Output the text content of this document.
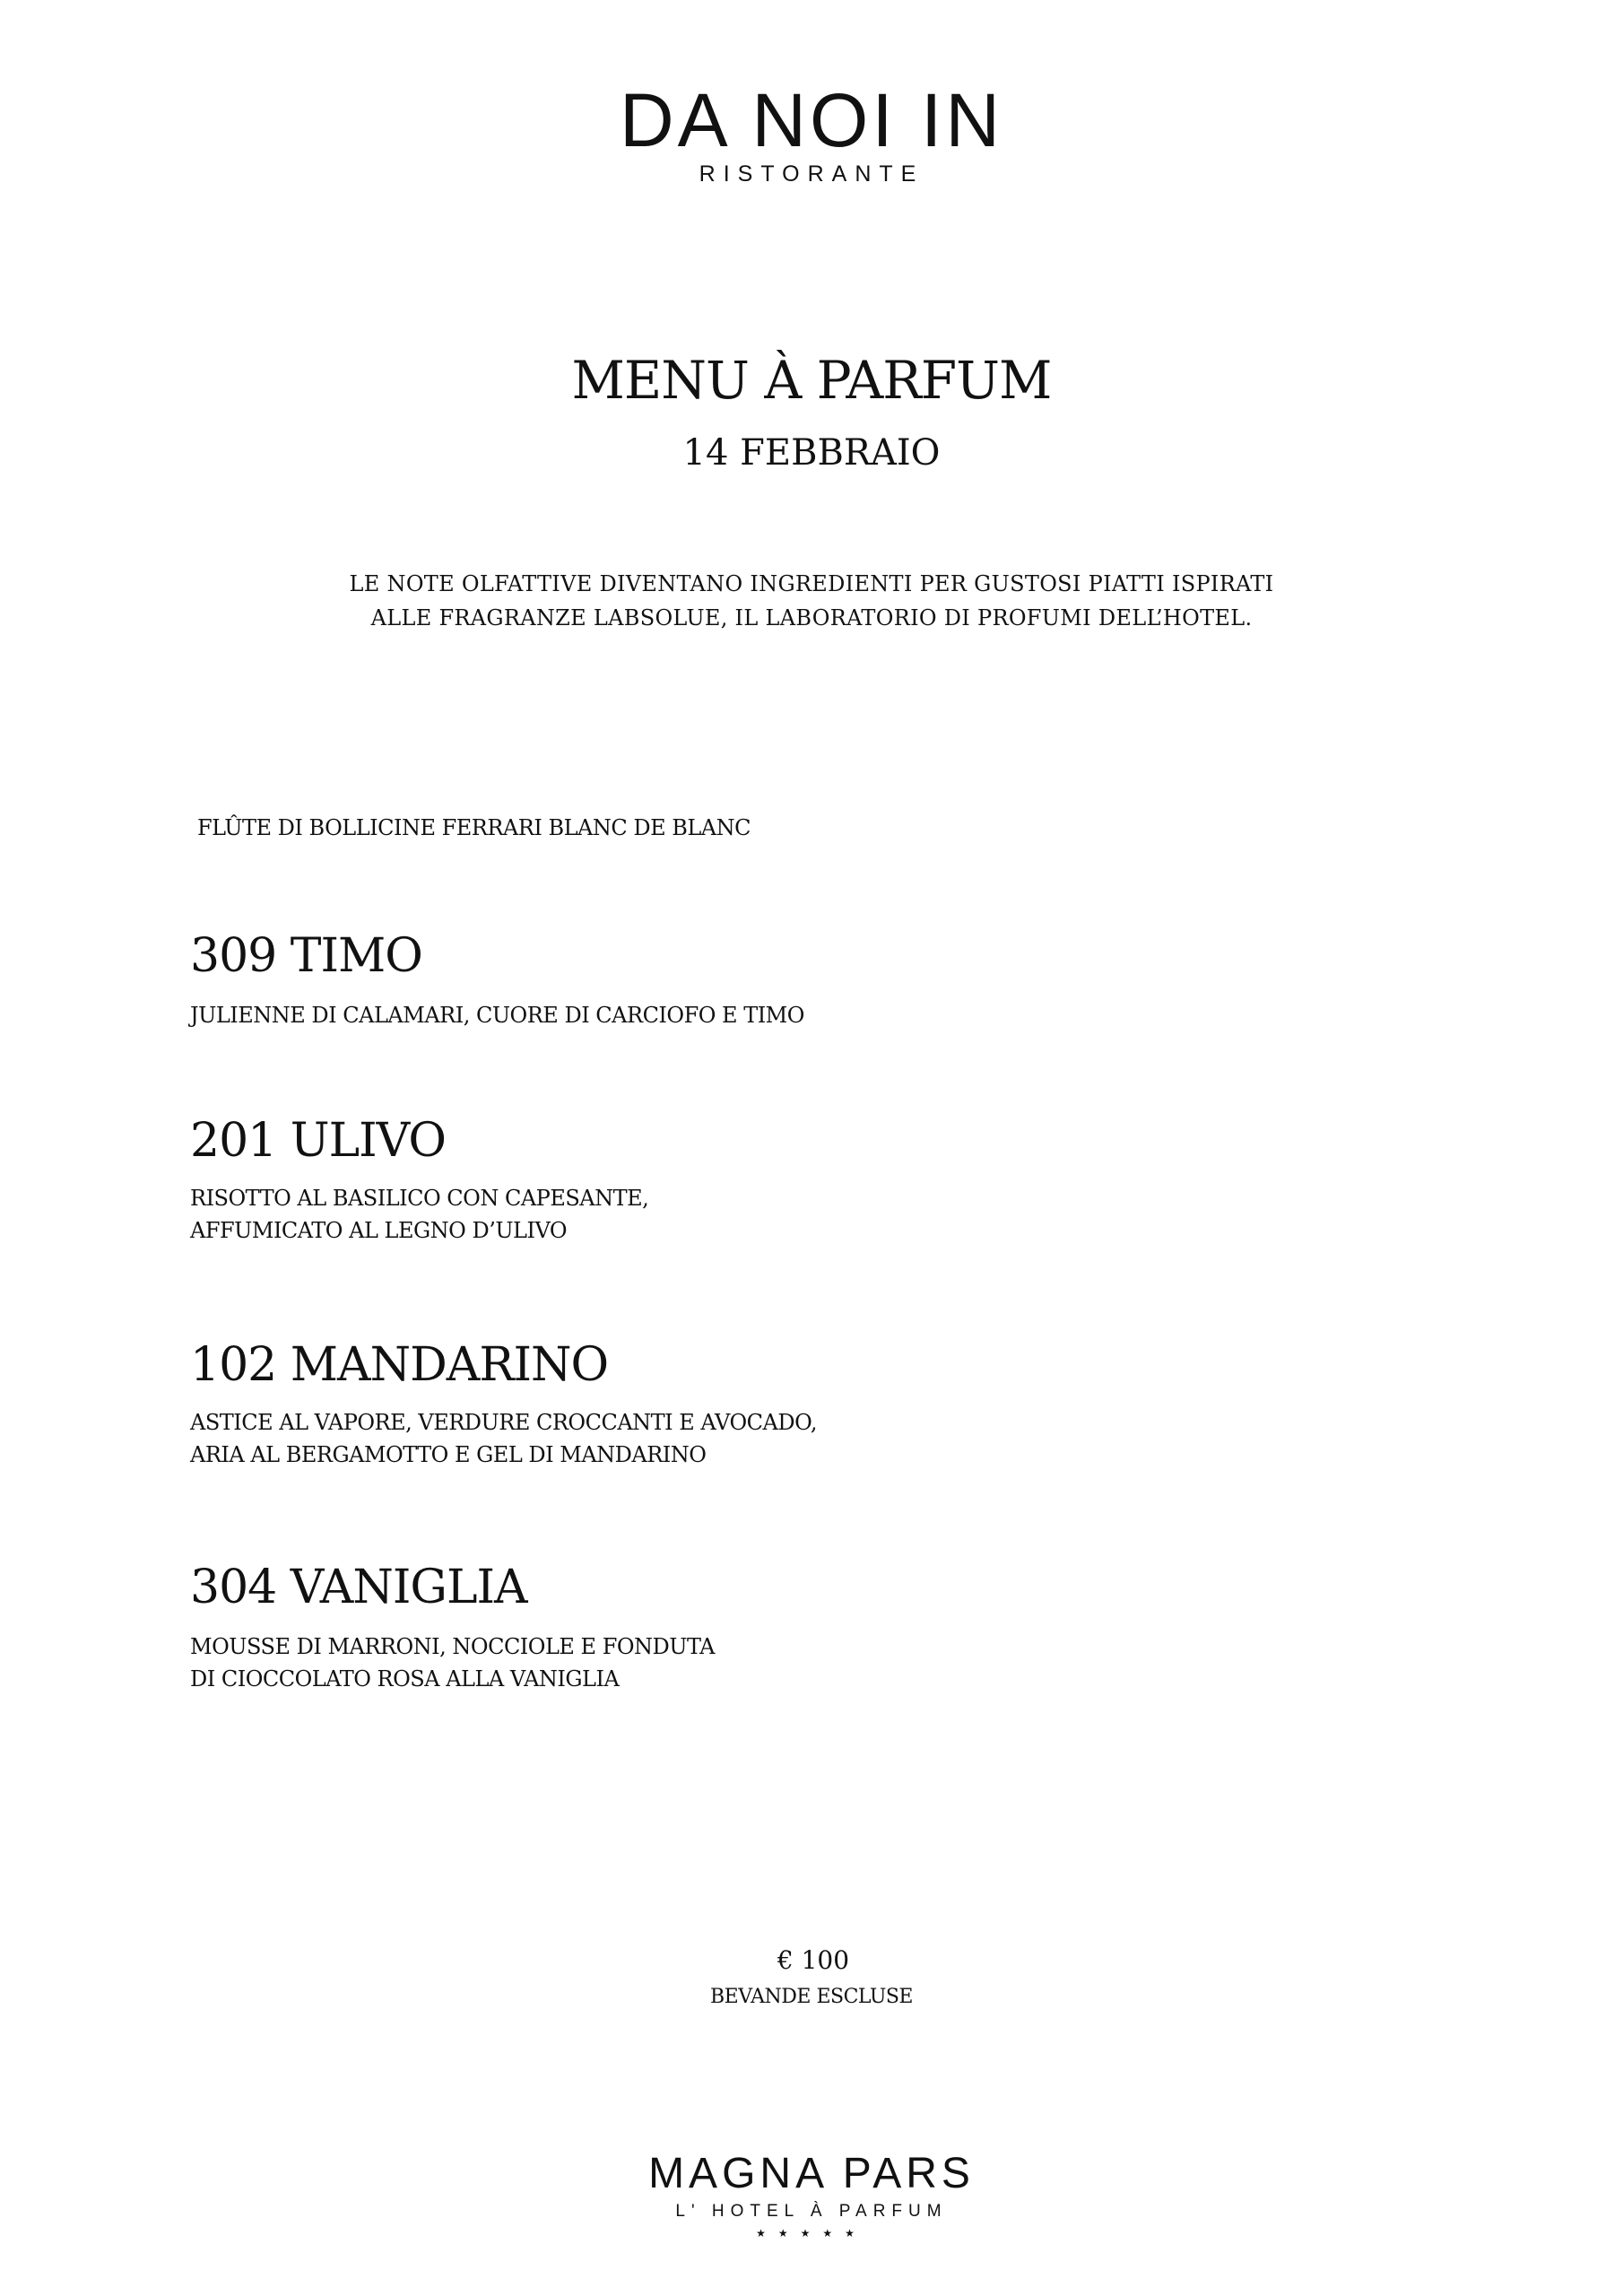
DA NOI IN
RISTORANTE
MENU À PARFUM
14 FEBBRAIO
LE NOTE OLFATTIVE DIVENTANO INGREDIENTI PER GUSTOSI PIATTI ISPIRATI
ALLE FRAGRANZE LABSOLUE, IL LABORATORIO DI PROFUMI DELL’HOTEL.
FLÛTE DI BOLLICINE FERRARI BLANC DE BLANC
309 TIMO
JULIENNE DI CALAMARI, CUORE DI CARCIOFO E TIMO
201 ULIVO
RISOTTO AL BASILICO CON CAPESANTE,
AFFUMICATO AL LEGNO D’ULIVO
102 MANDARINO
ASTICE AL VAPORE, VERDURE CROCCANTI E AVOCADO,
ARIA AL BERGAMOTTO E GEL DI MANDARINO
304 VANIGLIA
MOUSSE DI MARRONI, NOCCIOLE E FONDUTA
DI CIOCCOLATO ROSA ALLA VANIGLIA
€ 100
BEVANDE ESCLUSE
MAGNA PARS
L' HOTEL À PARFUM
★★★★★
